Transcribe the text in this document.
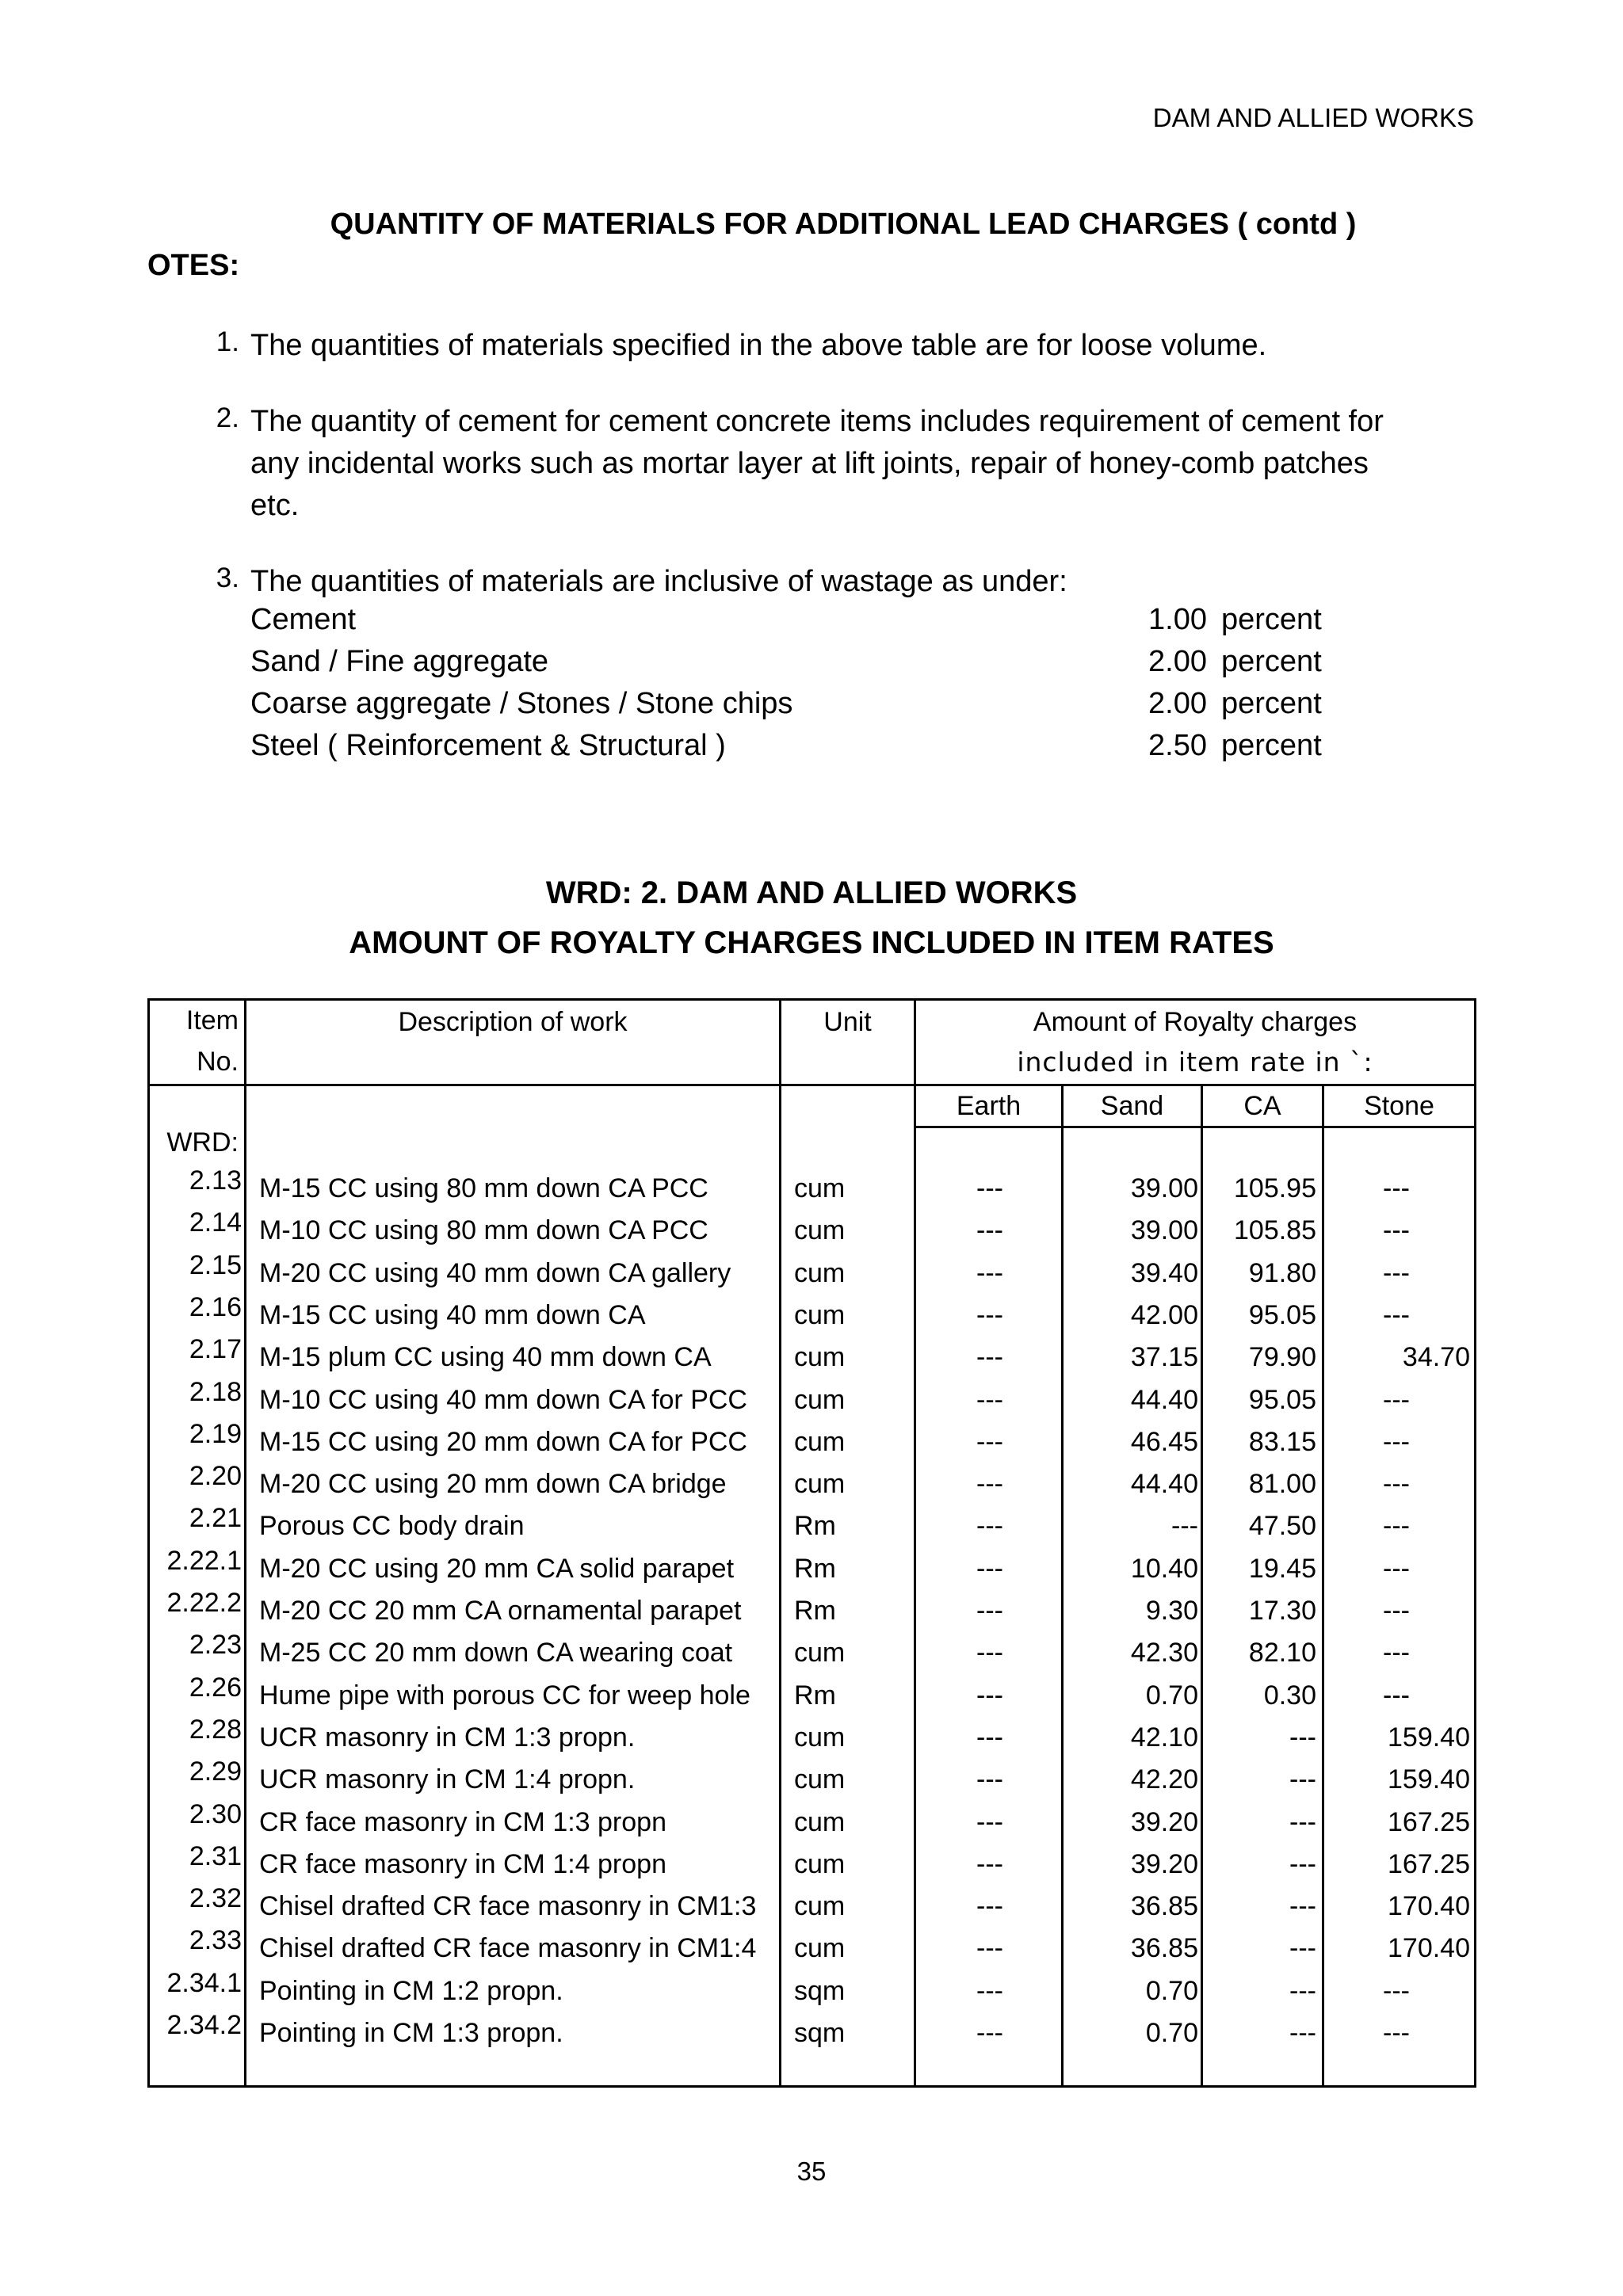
DAM AND ALLIED WORKS
QUANTITY OF MATERIALS FOR ADDITIONAL LEAD CHARGES ( contd )
OTES:
1. The quantities of materials specified in the above table are for loose volume.
2. The quantity of cement for cement concrete items includes requirement of cement for
any incidental works such as mortar layer at lift joints, repair of honey-comb patches
etc.
3. The quantities of materials are inclusive of wastage as under:
Cement	1.00 percent
Sand / Fine aggregate	2.00 percent
Coarse aggregate / Stones / Stone chips	2.00 percent
Steel ( Reinforcement & Structural )	2.50 percent
WRD: 2. DAM AND ALLIED WORKS
AMOUNT OF ROYALTY CHARGES INCLUDED IN ITEM RATES
Item
No.
Description of work	Unit	Amount of Royalty charges
included in item rate in `:
Earth	Sand	CA	Stone
WRD:
2.13 M-15 CC using 80 mm down CA PCC	cum	---	39.00	105.95	---
2.14 M-10 CC using 80 mm down CA PCC	cum	---	39.00	105.85	---
2.15 M-20 CC using 40 mm down CA gallery cum	---	39.40	91.80	---
2.16 M-15 CC using 40 mm down CA	cum	---	42.00	95.05	---
2.17 M-15 plum CC using 40 mm down CA	cum	---	37.15	79.90	34.70
2.18 M-10 CC using 40 mm down CA for PCC cum	---	44.40	95.05	---
2.19 M-15 CC using 20 mm down CA for PCC cum	---	46.45	83.15	---
2.20 M-20 CC using 20 mm down CA bridge	cum	---	44.40	81.00	---
2.21 Porous CC body drain	Rm	---	---	47.50	---
2.22.1 M-20 CC using 20 mm CA solid parapet Rm	---	10.40	19.45	---
2.22.2 M-20 CC 20 mm CA ornamental parapet Rm	---	9.30	17.30	---
2.23 M-25 CC 20 mm down CA wearing coat cum	---	42.30	82.10	---
2.26 Hume pipe with porous CC for weep hole Rm	---	0.70	0.30	---
2.28 UCR masonry in CM 1:3 propn.	cum	---	42.10	---	159.40
2.29 UCR masonry in CM 1:4 propn.	cum	---	42.20	---	159.40
2.30 CR face masonry in CM 1:3 propn	cum	---	39.20	---	167.25
2.31 CR face masonry in CM 1:4 propn	cum	---	39.20	---	167.25
2.32 Chisel drafted CR face masonry in CM1:3 cum	---	36.85	---	170.40
2.33 Chisel drafted CR face masonry in CM1:4 cum	---	36.85	---	170.40
2.34.1 Pointing in CM 1:2 propn.	sqm	---	0.70	---	---
2.34.2 Pointing in CM 1:3 propn.	sqm	---	0.70	---	---
35
